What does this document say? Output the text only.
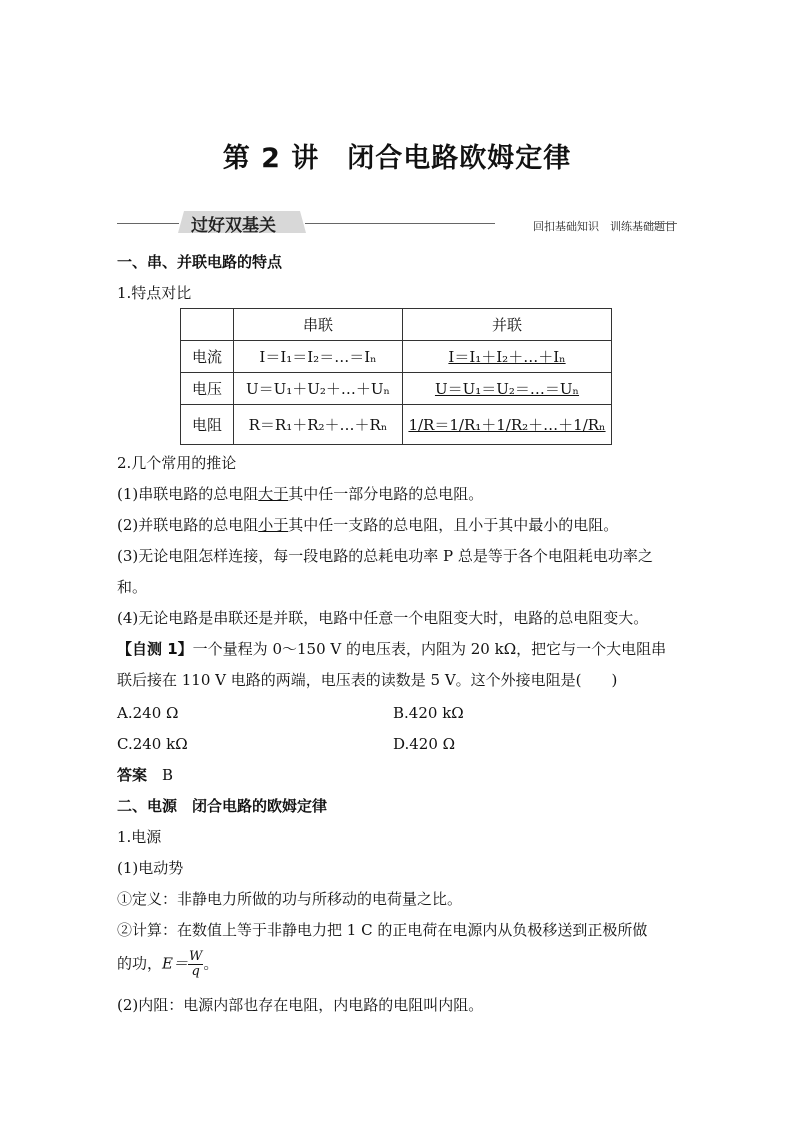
第 2 讲　闭合电路欧姆定律
过好双基关	回扣基础知识　训练基础题目
一、串、并联电路的特点
1.特点对比
	串联	并联
电流	I＝I₁＝I₂＝…＝Iₙ	I＝I₁＋I₂＋…＋Iₙ
电压	U＝U₁＋U₂＋…＋Uₙ	U＝U₁＝U₂＝…＝Uₙ
电阻	R＝R₁＋R₂＋…＋Rₙ	1/R＝1/R₁＋1/R₂＋…＋1/Rₙ
2.几个常用的推论
(1)串联电路的总电阻大于其中任一部分电路的总电阻。
(2)并联电路的总电阻小于其中任一支路的总电阻，且小于其中最小的电阻。
(3)无论电阻怎样连接，每一段电路的总耗电功率 P 总是等于各个电阻耗电功率之
和。
(4)无论电路是串联还是并联，电路中任意一个电阻变大时，电路的总电阻变大。
【自测 1】一个量程为 0～150 V 的电压表，内阻为 20 kΩ，把它与一个大电阻串
联后接在 110 V 电路的两端，电压表的读数是 5 V。这个外接电阻是(　　)
A.240 Ω	B.420 kΩ
C.240 kΩ	D.420 Ω
答案　 B
二、电源　闭合电路的欧姆定律
1.电源
(1)电动势
①定义：非静电力所做的功与所移动的电荷量之比。
②计算：在数值上等于非静电力把 1 C 的正电荷在电源内从负极移送到正极所做
的功，$E= \frac{W}{q}$ 。
(2)内阻：电源内部也存在电阻，内电路的电阻叫内阻。
